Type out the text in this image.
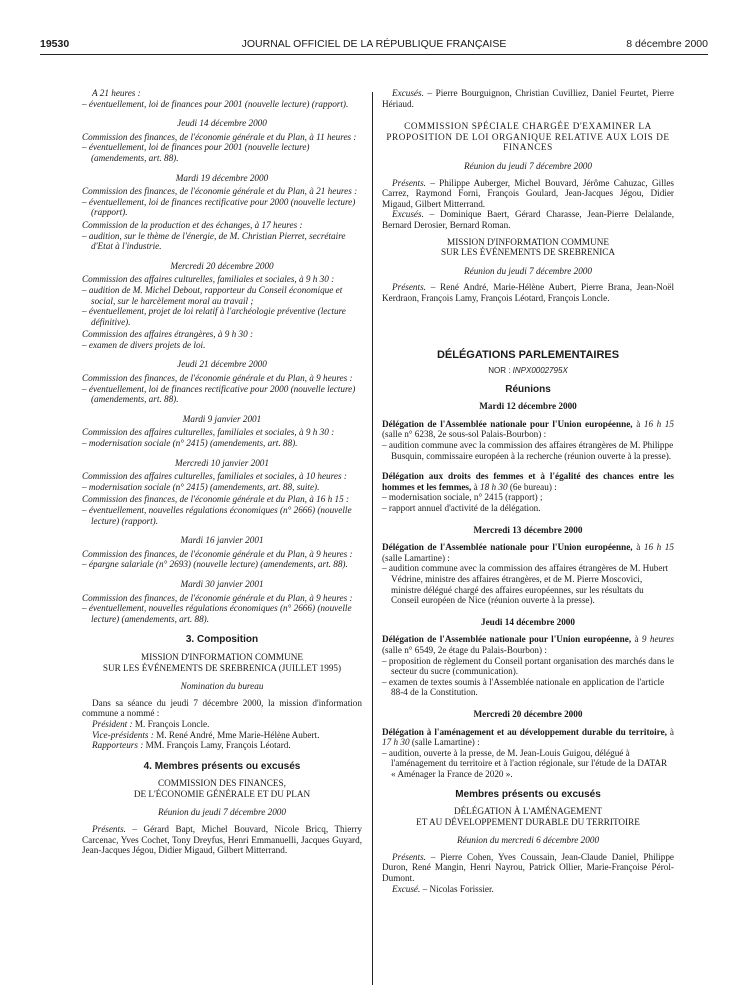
19530	JOURNAL OFFICIEL DE LA RÉPUBLIQUE FRANÇAISE	8 décembre 2000
A 21 heures :
– éventuellement, loi de finances pour 2001 (nouvelle lecture) (rapport).
Jeudi 14 décembre 2000
Commission des finances, de l'économie générale et du Plan, à 11 heures :
– éventuellement, loi de finances pour 2001 (nouvelle lecture) (amendements, art. 88).
Mardi 19 décembre 2000
Commission des finances, de l'économie générale et du Plan, à 21 heures :
– éventuellement, loi de finances rectificative pour 2000 (nouvelle lecture) (rapport).
Commission de la production et des échanges, à 17 heures :
– audition, sur le thème de l'énergie, de M. Christian Pierret, secrétaire d'Etat à l'industrie.
Mercredi 20 décembre 2000
Commission des affaires culturelles, familiales et sociales, à 9 h 30 :
– audition de M. Michel Debout, rapporteur du Conseil économique et social, sur le harcèlement moral au travail ;
– éventuellement, projet de loi relatif à l'archéologie préventive (lecture définitive).
Commission des affaires étrangères, à 9 h 30 :
– examen de divers projets de loi.
Jeudi 21 décembre 2000
Commission des finances, de l'économie générale et du Plan, à 9 heures :
– éventuellement, loi de finances rectificative pour 2000 (nouvelle lecture) (amendements, art. 88).
Mardi 9 janvier 2001
Commission des affaires culturelles, familiales et sociales, à 9 h 30 :
– modernisation sociale (n° 2415) (amendements, art. 88).
Mercredi 10 janvier 2001
Commission des affaires culturelles, familiales et sociales, à 10 heures :
– modernisation sociale (n° 2415) (amendements, art. 88, suite).
Commission des finances, de l'économie générale et du Plan, à 16 h 15 :
– éventuellement, nouvelles régulations économiques (n° 2666) (nouvelle lecture) (rapport).
Mardi 16 janvier 2001
Commission des finances, de l'économie générale et du Plan, à 9 heures :
– épargne salariale (n° 2693) (nouvelle lecture) (amendements, art. 88).
Mardi 30 janvier 2001
Commission des finances, de l'économie générale et du Plan, à 9 heures :
– éventuellement, nouvelles régulations économiques (n° 2666) (nouvelle lecture) (amendements, art. 88).
3. Composition
MISSION D'INFORMATION COMMUNE
SUR LES ÉVÉNEMENTS DE SREBRENICA (JUILLET 1995)
Nomination du bureau
Dans sa séance du jeudi 7 décembre 2000, la mission d'information commune a nommé :
Président : M. François Loncle.
Vice-présidents : M. René André, Mme Marie-Hélène Aubert.
Rapporteurs : MM. François Lamy, François Léotard.
4. Membres présents ou excusés
COMMISSION DES FINANCES,
DE L'ÉCONOMIE GÉNÉRALE ET DU PLAN
Réunion du jeudi 7 décembre 2000
Présents. – Gérard Bapt, Michel Bouvard, Nicole Bricq, Thierry Carcenac, Yves Cochet, Tony Dreyfus, Henri Emmanuelli, Jacques Guyard, Jean-Jacques Jégou, Didier Migaud, Gilbert Mitterrand.
Excusés. – Pierre Bourguignon, Christian Cuvilliez, Daniel Feurtet, Pierre Hériaud.
COMMISSION SPÉCIALE CHARGÉE D'EXAMINER LA PROPOSITION DE LOI ORGANIQUE RELATIVE AUX LOIS DE FINANCES
Réunion du jeudi 7 décembre 2000
Présents. – Philippe Auberger, Michel Bouvard, Jérôme Cahuzac, Gilles Carrez, Raymond Forni, François Goulard, Jean-Jacques Jégou, Didier Migaud, Gilbert Mitterrand.
Excusés. – Dominique Baert, Gérard Charasse, Jean-Pierre Delalande, Bernard Derosier, Bernard Roman.
MISSION D'INFORMATION COMMUNE
SUR LES ÉVÉNEMENTS DE SREBRENICA
Réunion du jeudi 7 décembre 2000
Présents. – René André, Marie-Hélène Aubert, Pierre Brana, Jean-Noël Kerdraon, François Lamy, François Léotard, François Loncle.
DÉLÉGATIONS PARLEMENTAIRES
NOR : INPX0002795X
Réunions
Mardi 12 décembre 2000
Délégation de l'Assemblée nationale pour l'Union européenne, à 16 h 15 (salle n° 6238, 2e sous-sol Palais-Bourbon) :
– audition commune avec la commission des affaires étrangères de M. Philippe Busquin, commissaire européen à la recherche (réunion ouverte à la presse).
Délégation aux droits des femmes et à l'égalité des chances entre les hommes et les femmes, à 18 h 30 (6e bureau) :
– modernisation sociale, n° 2415 (rapport) ;
– rapport annuel d'activité de la délégation.
Mercredi 13 décembre 2000
Délégation de l'Assemblée nationale pour l'Union européenne, à 16 h 15 (salle Lamartine) :
– audition commune avec la commission des affaires étrangères de M. Hubert Védrine, ministre des affaires étrangères, et de M. Pierre Moscovici, ministre délégué chargé des affaires européennes, sur les résultats du Conseil européen de Nice (réunion ouverte à la presse).
Jeudi 14 décembre 2000
Délégation de l'Assemblée nationale pour l'Union européenne, à 9 heures (salle n° 6549, 2e étage du Palais-Bourbon) :
– proposition de règlement du Conseil portant organisation des marchés dans le secteur du sucre (communication).
– examen de textes soumis à l'Assemblée nationale en application de l'article 88-4 de la Constitution.
Mercredi 20 décembre 2000
Délégation à l'aménagement et au développement durable du territoire, à 17 h 30 (salle Lamartine) :
– audition, ouverte à la presse, de M. Jean-Louis Guigou, délégué à l'aménagement du territoire et à l'action régionale, sur l'étude de la DATAR « Aménager la France de 2020 ».
Membres présents ou excusés
DÉLÉGATION À L'AMÉNAGEMENT
ET AU DÉVELOPPEMENT DURABLE DU TERRITOIRE
Réunion du mercredi 6 décembre 2000
Présents. – Pierre Cohen, Yves Coussain, Jean-Claude Daniel, Philippe Duron, René Mangin, Henri Nayrou, Patrick Ollier, Marie-Françoise Pérol-Dumont.
Excusé. – Nicolas Forissier.
